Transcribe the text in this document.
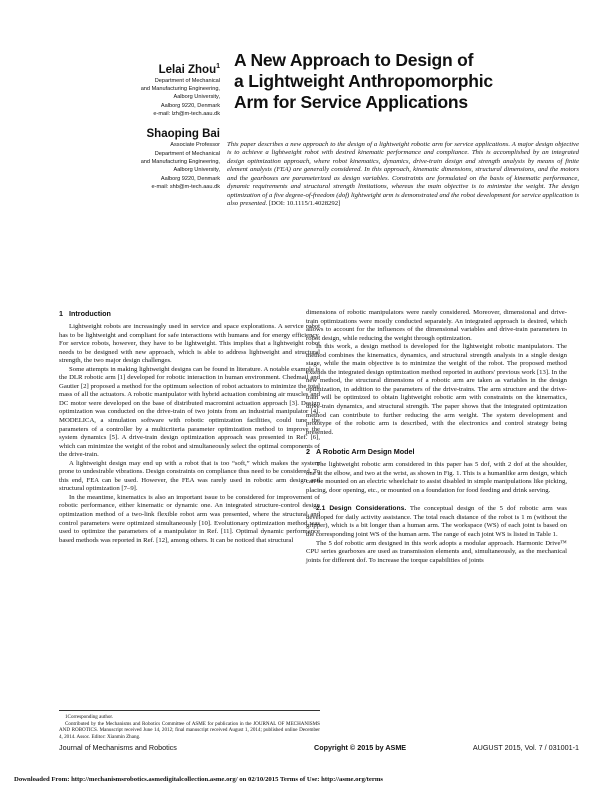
Lelai Zhou$^1$
Department of Mechanical
and Manufacturing Engineering,
Aalborg University,
Aalborg 9220, Denmark
e-mail: lzh@m-tech.aau.dk
Shaoping Bai
Associate Professor
Department of Mechanical
and Manufacturing Engineering,
Aalborg University,
Aalborg 9220, Denmark
e-mail: shb@m-tech.aau.dk
A New Approach to Design of
a Lightweight Anthropomorphic
Arm for Service Applications
This paper describes a new approach to the design of a lightweight robotic arm for service applications. A major design objective is to achieve a lightweight robot with desired kinematic performance and compliance. This is accomplished by an integrated design optimization approach, where robot kinematics, dynamics, drive-train design and strength analysis by means of finite element analysis (FEA) are generally considered. In this approach, kinematic dimensions, structural dimensions, and the motors and the gearboxes are parameterized as design variables. Constraints are formulated on the basis of kinematic performance, dynamic requirements and structural strength limitations, whereas the main objective is to minimize the weight. The design optimization of a five degree-of-freedom (dof) lightweight arm is demonstrated and the robot development for service application is also presented. [DOI: 10.1115/1.4028292]
1 Introduction

Lightweight robots are increasingly used in service and space explorations. A service robot has to be lightweight and compliant for safe interactions with humans and for energy efficiency. For service robots, however, they have to be lightweight. This implies that a lightweight robot needs to be designed with new approach, which is able to address lightweight and structural strength, the two major design challenges.

Some attempts in making lightweight designs can be found in literature. A notable example is the DLR robotic arm [1] developed for robotic interaction in human environment. Chedmail and Gautier [2] proposed a method for the optimum selection of robot actuators to minimize the total mass of all the actuators. A robotic manipulator with hybrid actuation combining air muscles and DC motor were developed on the base of distributed macromini actuation approach [3]. Design optimization was conducted on the drive-train of two joints from an industrial manipulator [4]. MODELICA, a simulation software with robotic optimization facilities, could tune the parameters of a controller by a multicriteria parameter optimization method to improve the system dynamics [5]. A drive-train design optimization approach was presented in Ref. [6], which can minimize the weight of the robot and simultaneously select the optimal components of the drive-train.

A lightweight design may end up with a robot that is too “soft,” which makes the system prone to undesirable vibrations. Design constraints on compliance thus need to be considered. To this end, FEA can be used. However, the FEA was rarely used in robotic arm design and structural optimization [7–9].

In the meantime, kinematics is also an important issue to be considered for improvement of robotic performance, either kinematic or dynamic one. An integrated structure-control design optimization method of a two-link flexible robot arm was presented, where the structural and control parameters were optimized simultaneously [10]. Evolutionary optimization method was used to optimize the parameters of a manipulator in Ref. [11]. Optimal dynamic performance based methods was reported in Ref. [12], among others. It can be noticed that structural

dimensions of robotic manipulators were rarely considered. Moreover, dimensional and drive-train optimizations were mostly conducted separately. An integrated approach is desired, which allows to account for the influences of the dimensional variables and drive-train parameters in robot design, while reducing the weight through optimization.

In this work, a design method is developed for the lightweight robotic manipulators. The method combines the kinematics, dynamics, and structural strength analysis in a single design stage, while the main objective is to minimize the weight of the robot. The proposed method extends the integrated design optimization method reported in authors' previous work [13]. In the new method, the structural dimensions of a robotic arm are taken as variables in the design optimization, in addition to the parameters of the drive-trains. The arm structure and the drive-train will be optimized to obtain lightweight robotic arm with constraints on the kinematics, drive-train dynamics, and structural strength. The paper shows that the integrated optimization method can contribute to further reducing the arm weight. The system development and prototype of the robotic arm is described, with the electronics and control strategy being presented.

2 A Robotic Arm Design Model

The lightweight robotic arm considered in this paper has 5 dof, with 2 dof at the shoulder, one at the elbow, and two at the wrist, as shown in Fig. 1. This is a humanlike arm design, which can be mounted on an electric wheelchair to assist disabled in simple manipulations like picking, placing, door opening, etc., or mounted on a foundation for food feeding and drink serving.

2.1 Design Considerations. The conceptual design of the 5 dof robotic arm was developed for daily activity assistance. The total reach distance of the robot is 1 m (without the gripper), which is a bit longer than a human arm. The workspace (WS) of each joint is based on the corresponding joint WS of the human arm. The range of each joint WS is listed in Table 1.

The 5 dof robotic arm designed in this work adopts a modular approach. Harmonic Drive™ CPU series gearboxes are used as transmission elements and, simultaneously, as the mechanical joints for different dof. To increase the torque capabilities of joints

1Corresponding author.

Contributed by the Mechanisms and Robotics Committee of ASME for publication in the JOURNAL OF MECHANISMS AND ROBOTICS. Manuscript received June 14, 2012; final manuscript received August 1, 2014; published online December 4, 2014. Assoc. Editor: Xianmin Zhang.

Journal of Mechanisms and Robotics	Copyright © 2015 by ASME	AUGUST 2015, Vol. 7 / 031001-1
Downloaded From: http://mechanismsrobotics.asmedigitalcollection.asme.org/ on 02/10/2015 Terms of Use: http://asme.org/terms
